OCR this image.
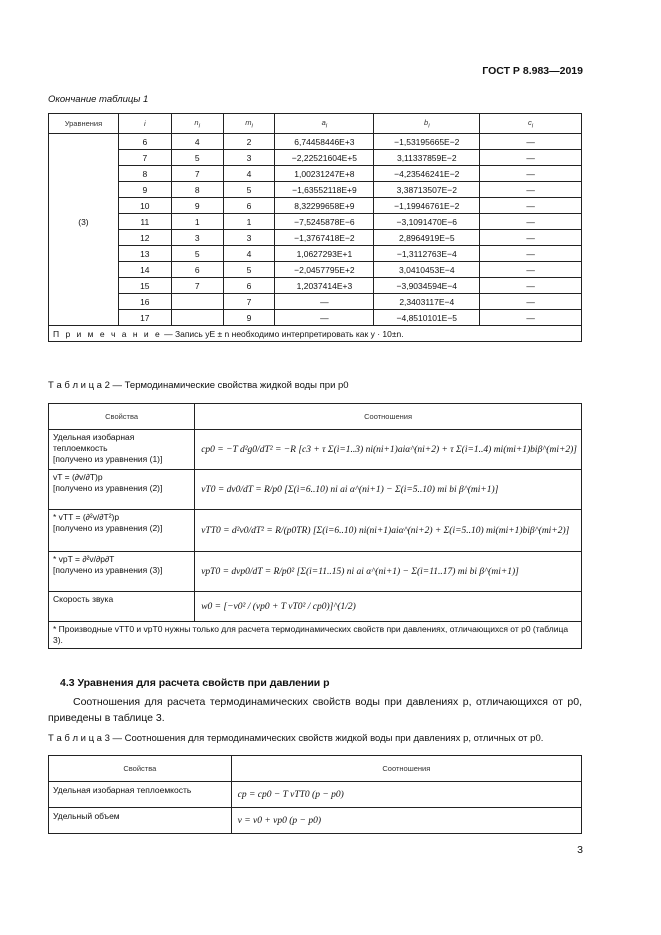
ГОСТ Р 8.983—2019
Окончание таблицы 1
Уравнения	i	$n_i$	$m_i$	$a_i$	$b_i$	$c_i$
	6	4	2	6,74458446E+3	−1,53195665E−2	—
	7	5	3	−2,22521604E+5	3,11337859E−2	—
	8	7	4	1,00231247E+8	−4,23546241E−2	—
	9	8	5	−1,63552118E+9	3,38713507E−2	—
	10	9	6	8,32299658E+9	−1,19946761E−2	—
(3)	11	1	1	−7,5245878E−6	−3,1091470E−6	—
	12	3	3	−1,3767418E−2	2,8964919E−5	—
	13	5	4	1,0627293E+1	−1,3112763E−4	—
	14	6	5	−2,0457795E+2	3,0410453E−4	—
	15	7	6	1,2037414E+3	−3,9034594E−4	—
	16		7	—	2,3403117E−4	—
	17		9	—	−4,8510101E−5	—
П р и м е ч а н и е — Запись yE ± n необходимо интерпретировать как y · 10±n.						
Т а б л и ц а 2 — Термодинамические свойства жидкой воды при p0
Свойства	Соотношения

Удельная изобарная теплоемкость
[получено из уравнения (1)]	cp0 = −T d²g0/dT² = −R [c3 + τ Σ(i=1..3) ni(ni+1)aiα^(ni+2) + τ Σ(i=1..4) mi(mi+1)biβ^(mi+2)]

vT = (∂v/∂T)p
[получено из уравнения (2)]	vT0 = dv0/dT = R/p0 [Σ(i=6..10) ni ai α^(ni+1) − Σ(i=5..10) mi bi β^(mi+1)]

* vTT = (∂²v/∂T²)p
[получено из уравнения (2)]	vTT0 = d²v0/dT² = R/(p0TR) [Σ(i=6..10) ni(ni+1)aiα^(ni+2) + Σ(i=5..10) mi(mi+1)biβ^(mi+2)]

* vpT = ∂²v/∂p∂T
[получено из уравнения (3)]	vpT0 = dvp0/dT = R/p0² [Σ(i=11..15) ni ai α^(ni+1) − Σ(i=11..17) mi bi β^(mi+1)]

Скорость звука	w0 = [−v0² / (vp0 + T vT0² / cp0)]^(1/2)
* Производные vTT0 и vpT0 нужны только для расчета термодинамических свойств при давлениях, отличающихся от p0 (таблица 3).	
4.3 Уравнения для расчета свойств при давлении p
Соотношения для расчета термодинамических свойств воды при давлениях p, отличающихся от p0, приведены в таблице 3.
Т а б л и ц а 3 — Соотношения для термодинамических свойств жидкой воды при давлениях p, отличных от p0.
Свойства	Соотношения
Удельная изобарная теплоемкость	cp = cp0 − T vTT0 (p − p0)
Удельный объем	v = v0 + vp0 (p − p0)
3
